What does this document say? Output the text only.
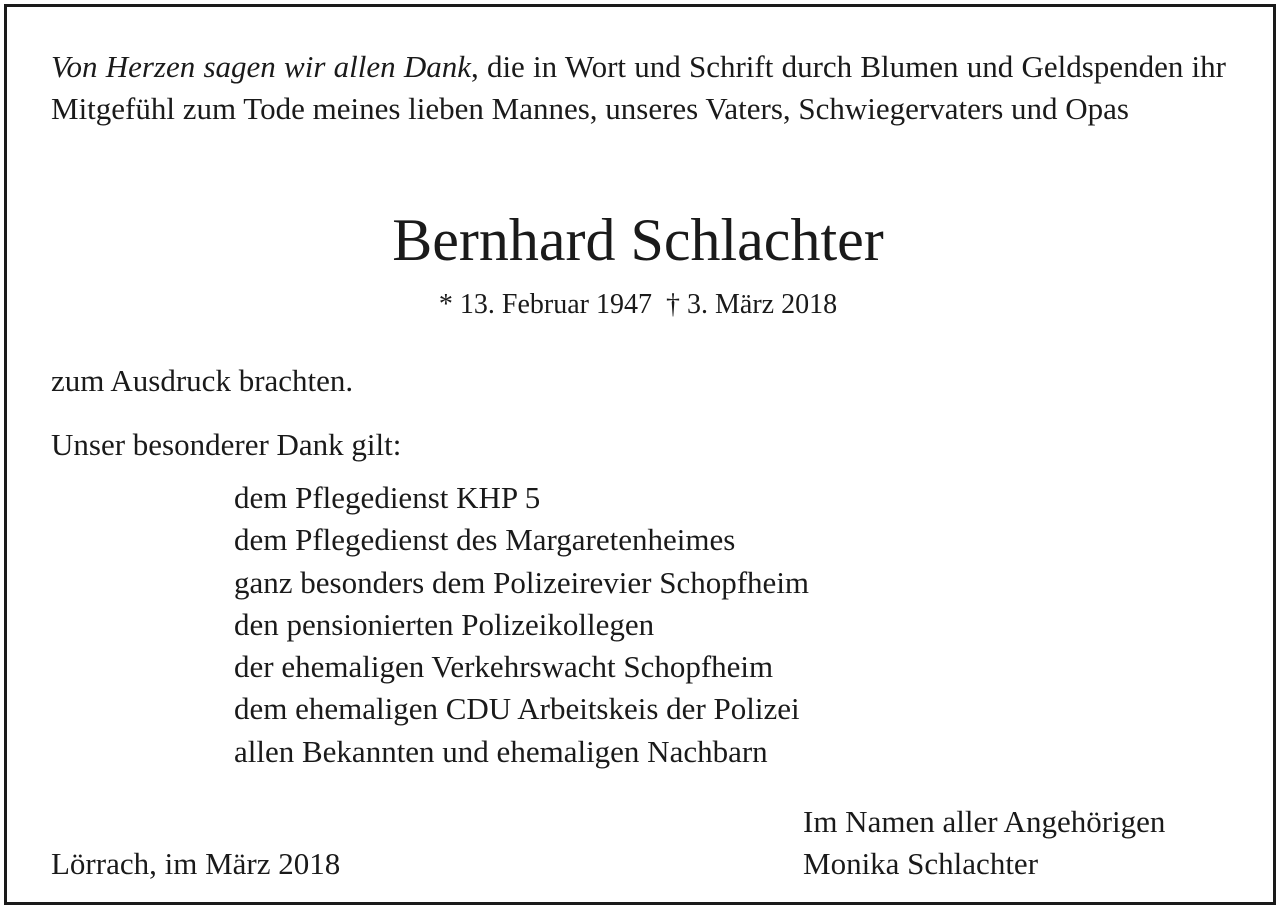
Von Herzen sagen wir allen Dank, die in Wort und Schrift durch Blumen und Geldspenden ihr Mitgefühl zum Tode meines lieben Mannes, unseres Vaters, Schwiegervaters und Opas

Bernhard Schlachter
* 13. Februar 1947 † 3. März 2018
zum Ausdruck brachten.
Unser besonderer Dank gilt:
dem Pflegedienst KHP 5
dem Pflegedienst des Margaretenheimes
ganz besonders dem Polizeirevier Schopfheim
den pensionierten Polizeikollegen
der ehemaligen Verkehrswacht Schopfheim
dem ehemaligen CDU Arbeitskeis der Polizei
allen Bekannten und ehemaligen Nachbarn
Im Namen aller Angehörigen
Monika Schlachter
Lörrach, im März 2018
